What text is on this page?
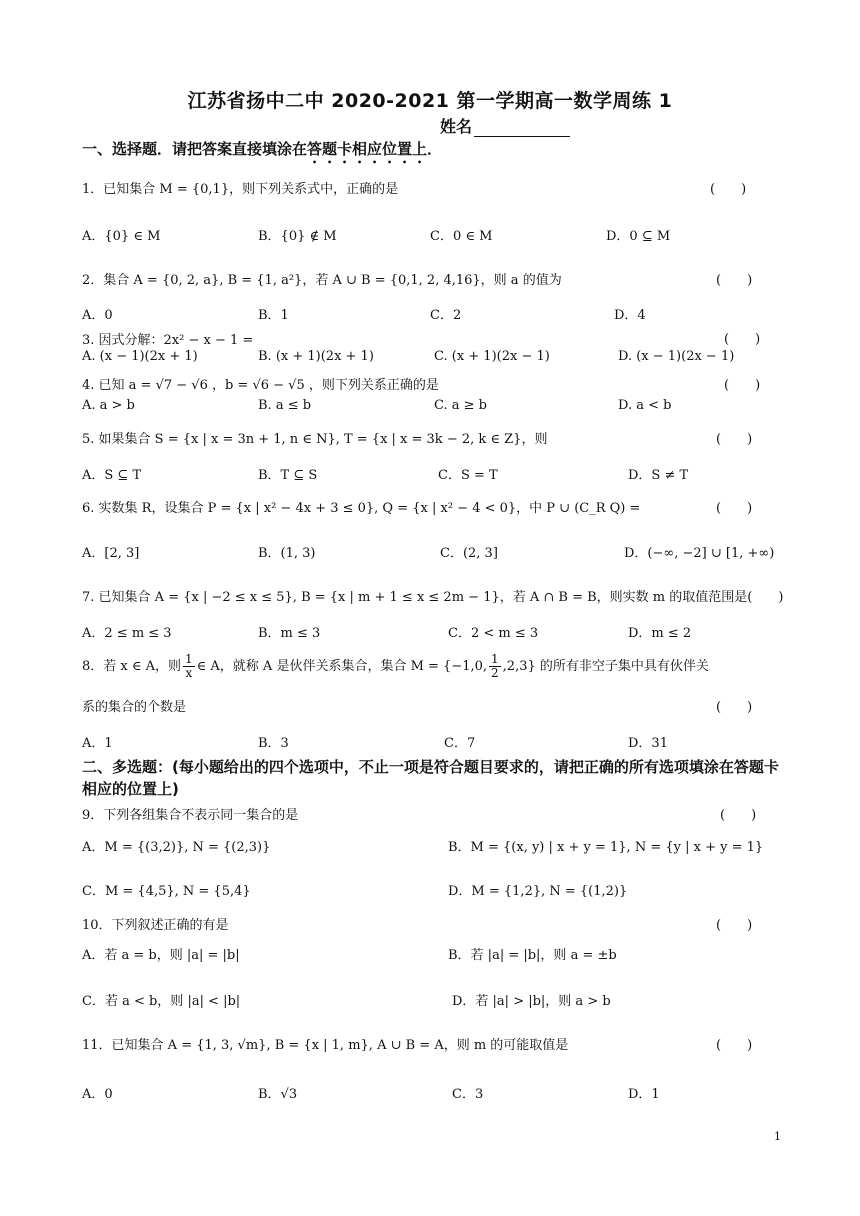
江苏省扬中二中 2020-2021 第一学期高一数学周练 1
姓名
一、选择题．请把答案直接填涂在答题卡相应位置上．
1．已知集合 M = {0,1}，则下列关系式中，正确的是	(　　)
A．{0} ∈ M	B．{0} ∉ M	C．0 ∈ M	D．0 ⊆ M
2．集合 A = {0, 2, a}, B = {1, a²}，若 A ∪ B = {0,1, 2, 4,16}，则 a 的值为	(　　)
A．0	B．1	C．2	D．4
3. 因式分解：2x² − x − 1 =	(　　)
A. (x − 1)(2x + 1)	B. (x + 1)(2x + 1)	C. (x + 1)(2x − 1)	D. (x − 1)(2x − 1)
4. 已知 a = √7 − √6 ，b = √6 − √5 ，则下列关系正确的是	(　　)
A. a > b	B. a ≤ b	C. a ≥ b	D. a < b
5. 如果集合 S = {x | x = 3n + 1, n ∈ N}, T = {x | x = 3k − 2, k ∈ Z}，则	(　　)
A．S ⊆ T	B．T ⊆ S	C．S = T	D．S ≠ T
6. 实数集 R，设集合 P = {x | x² − 4x + 3 ≤ 0}, Q = {x | x² − 4 < 0}，中 P ∪ (C_R Q) =	(　　)
A．[2, 3]	B．(1, 3)	C．(2, 3]	D．(−∞, −2] ∪ [1, +∞)
7. 已知集合 A = {x | −2 ≤ x ≤ 5}, B = {x | m + 1 ≤ x ≤ 2m − 1}，若 A ∩ B = B，则实数 m 的取值范围是(　　)
A．2 ≤ m ≤ 3	B．m ≤ 3	C．2 < m ≤ 3	D．m ≤ 2
8．若 x ∈ A，则 $\frac{1}{x}$ ∈ A，就称 A 是伙伴关系集合，集合 M = {−1,0, $\frac{1}{2} ,2,3$} 的所有非空子集中具有伙伴关
系的集合的个数是	(　　)
A．1	B．3	C．7	D．31
二、多选题：(每小题给出的四个选项中，不止一项是符合题目要求的，请把正确的所有选项填涂在答题卡相应的位置上)
9．下列各组集合不表示同一集合的是	(　　)
A．M = {(3,2)}, N = {(2,3)}	B．M = {(x, y) | x + y = 1}, N = {y | x + y = 1}
C．M = {4,5}, N = {5,4}	D．M = {1,2}, N = {(1,2)}
10．下列叙述正确的有是	(　　)
A．若 a = b，则 |a| = |b|	B．若 |a| = |b|，则 a = ±b
C．若 a < b，则 |a| < |b|	D．若 |a| > |b|，则 a > b
11．已知集合 A = {1, 3, √m}, B = {x | 1, m}, A ∪ B = A，则 m 的可能取值是	(　　)
A．0	B．√3	C．3	D．1
1
